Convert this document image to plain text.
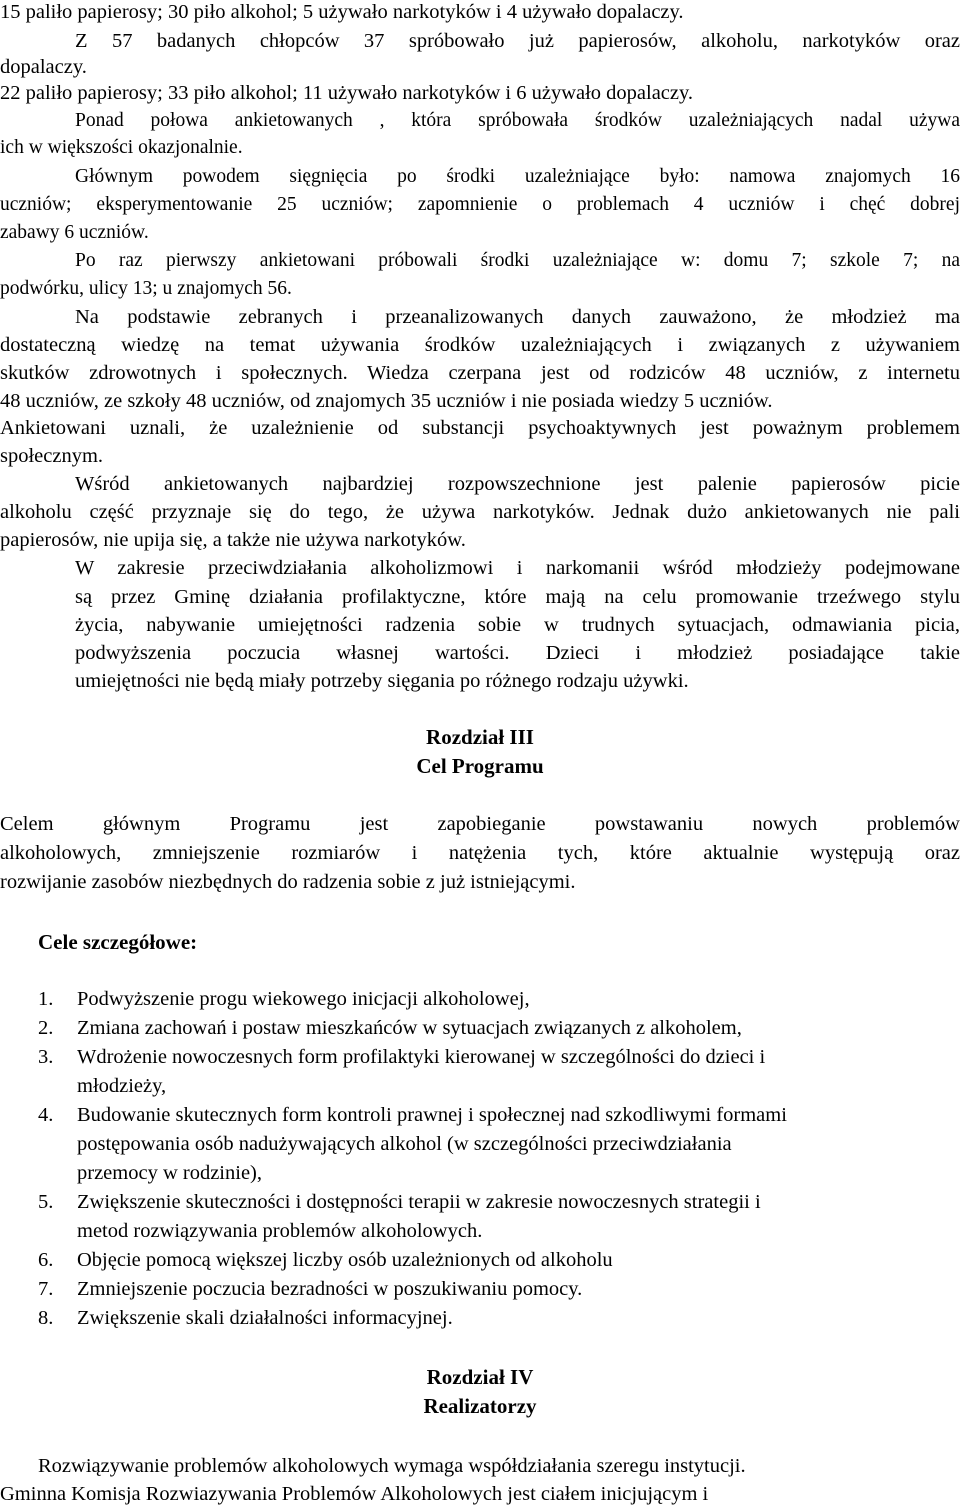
15 paliło papierosy; 30 piło alkohol; 5 używało narkotyków i 4 używało dopalaczy.
Z 57 badanych chłopców 37 spróbowało już papierosów, alkoholu, narkotyków oraz
dopalaczy.
22 paliło papierosy; 33 piło alkohol; 11 używało narkotyków i 6 używało dopalaczy.
Ponad połowa ankietowanych , która spróbowała środków uzależniających nadal używa
ich w większości okazjonalnie.
Głównym powodem sięgnięcia po środki uzależniające było: namowa znajomych 16
uczniów; eksperymentowanie 25 uczniów; zapomnienie o problemach 4 uczniów i chęć dobrej
zabawy 6 uczniów.
Po raz pierwszy ankietowani próbowali środki uzależniające w: domu 7; szkole 7; na
podwórku, ulicy 13; u znajomych 56.
Na podstawie zebranych i przeanalizowanych danych zauważono, że młodzież ma
dostateczną wiedzę na temat używania środków uzależniających i związanych z używaniem
skutków zdrowotnych i społecznych. Wiedza czerpana jest od rodziców 48 uczniów, z internetu
48 uczniów, ze szkoły 48 uczniów, od znajomych 35 uczniów i nie posiada wiedzy 5 uczniów.
Ankietowani uznali, że uzależnienie od substancji psychoaktywnych jest poważnym problemem
społecznym.
Wśród ankietowanych najbardziej rozpowszechnione jest palenie papierosów picie
alkoholu część przyznaje się do tego, że używa narkotyków. Jednak dużo ankietowanych nie pali
papierosów, nie upija się, a także nie używa narkotyków.
W zakresie przeciwdziałania alkoholizmowi i narkomanii wśród młodzieży podejmowane
są przez Gminę działania profilaktyczne, które mają na celu promowanie trzeźwego stylu
życia, nabywanie umiejętności radzenia sobie w trudnych sytuacjach, odmawiania picia,
podwyższenia poczucia własnej wartości. Dzieci i młodzież posiadające takie
umiejętności nie będą miały potrzeby sięgania po różnego rodzaju używki.
Rozdział III
Cel Programu
Celem głównym Programu jest zapobieganie powstawaniu nowych problemów
alkoholowych, zmniejszenie rozmiarów i natężenia tych, które aktualnie występują oraz
rozwijanie zasobów niezbędnych do radzenia sobie z już istniejącymi.
Cele szczegółowe:
1. Podwyższenie progu wiekowego inicjacji alkoholowej,
2. Zmiana zachowań i postaw mieszkańców w sytuacjach związanych z alkoholem,
3. Wdrożenie nowoczesnych form profilaktyki kierowanej w szczególności do dzieci i
młodzieży,
4. Budowanie skutecznych form kontroli prawnej i społecznej nad szkodliwymi formami
postępowania osób nadużywających alkohol (w szczególności przeciwdziałania
przemocy w rodzinie),
5. Zwiększenie skuteczności i dostępności terapii w zakresie nowoczesnych strategii i
metod rozwiązywania problemów alkoholowych.
6. Objęcie pomocą większej liczby osób uzależnionych od alkoholu
7. Zmniejszenie poczucia bezradności w poszukiwaniu pomocy.
8. Zwiększenie skali działalności informacyjnej.
Rozdział IV
Realizatorzy
Rozwiązywanie problemów alkoholowych wymaga współdziałania szeregu instytucji.
Gminna Komisja Rozwiazywania Problemów Alkoholowych jest ciałem inicjującym i
